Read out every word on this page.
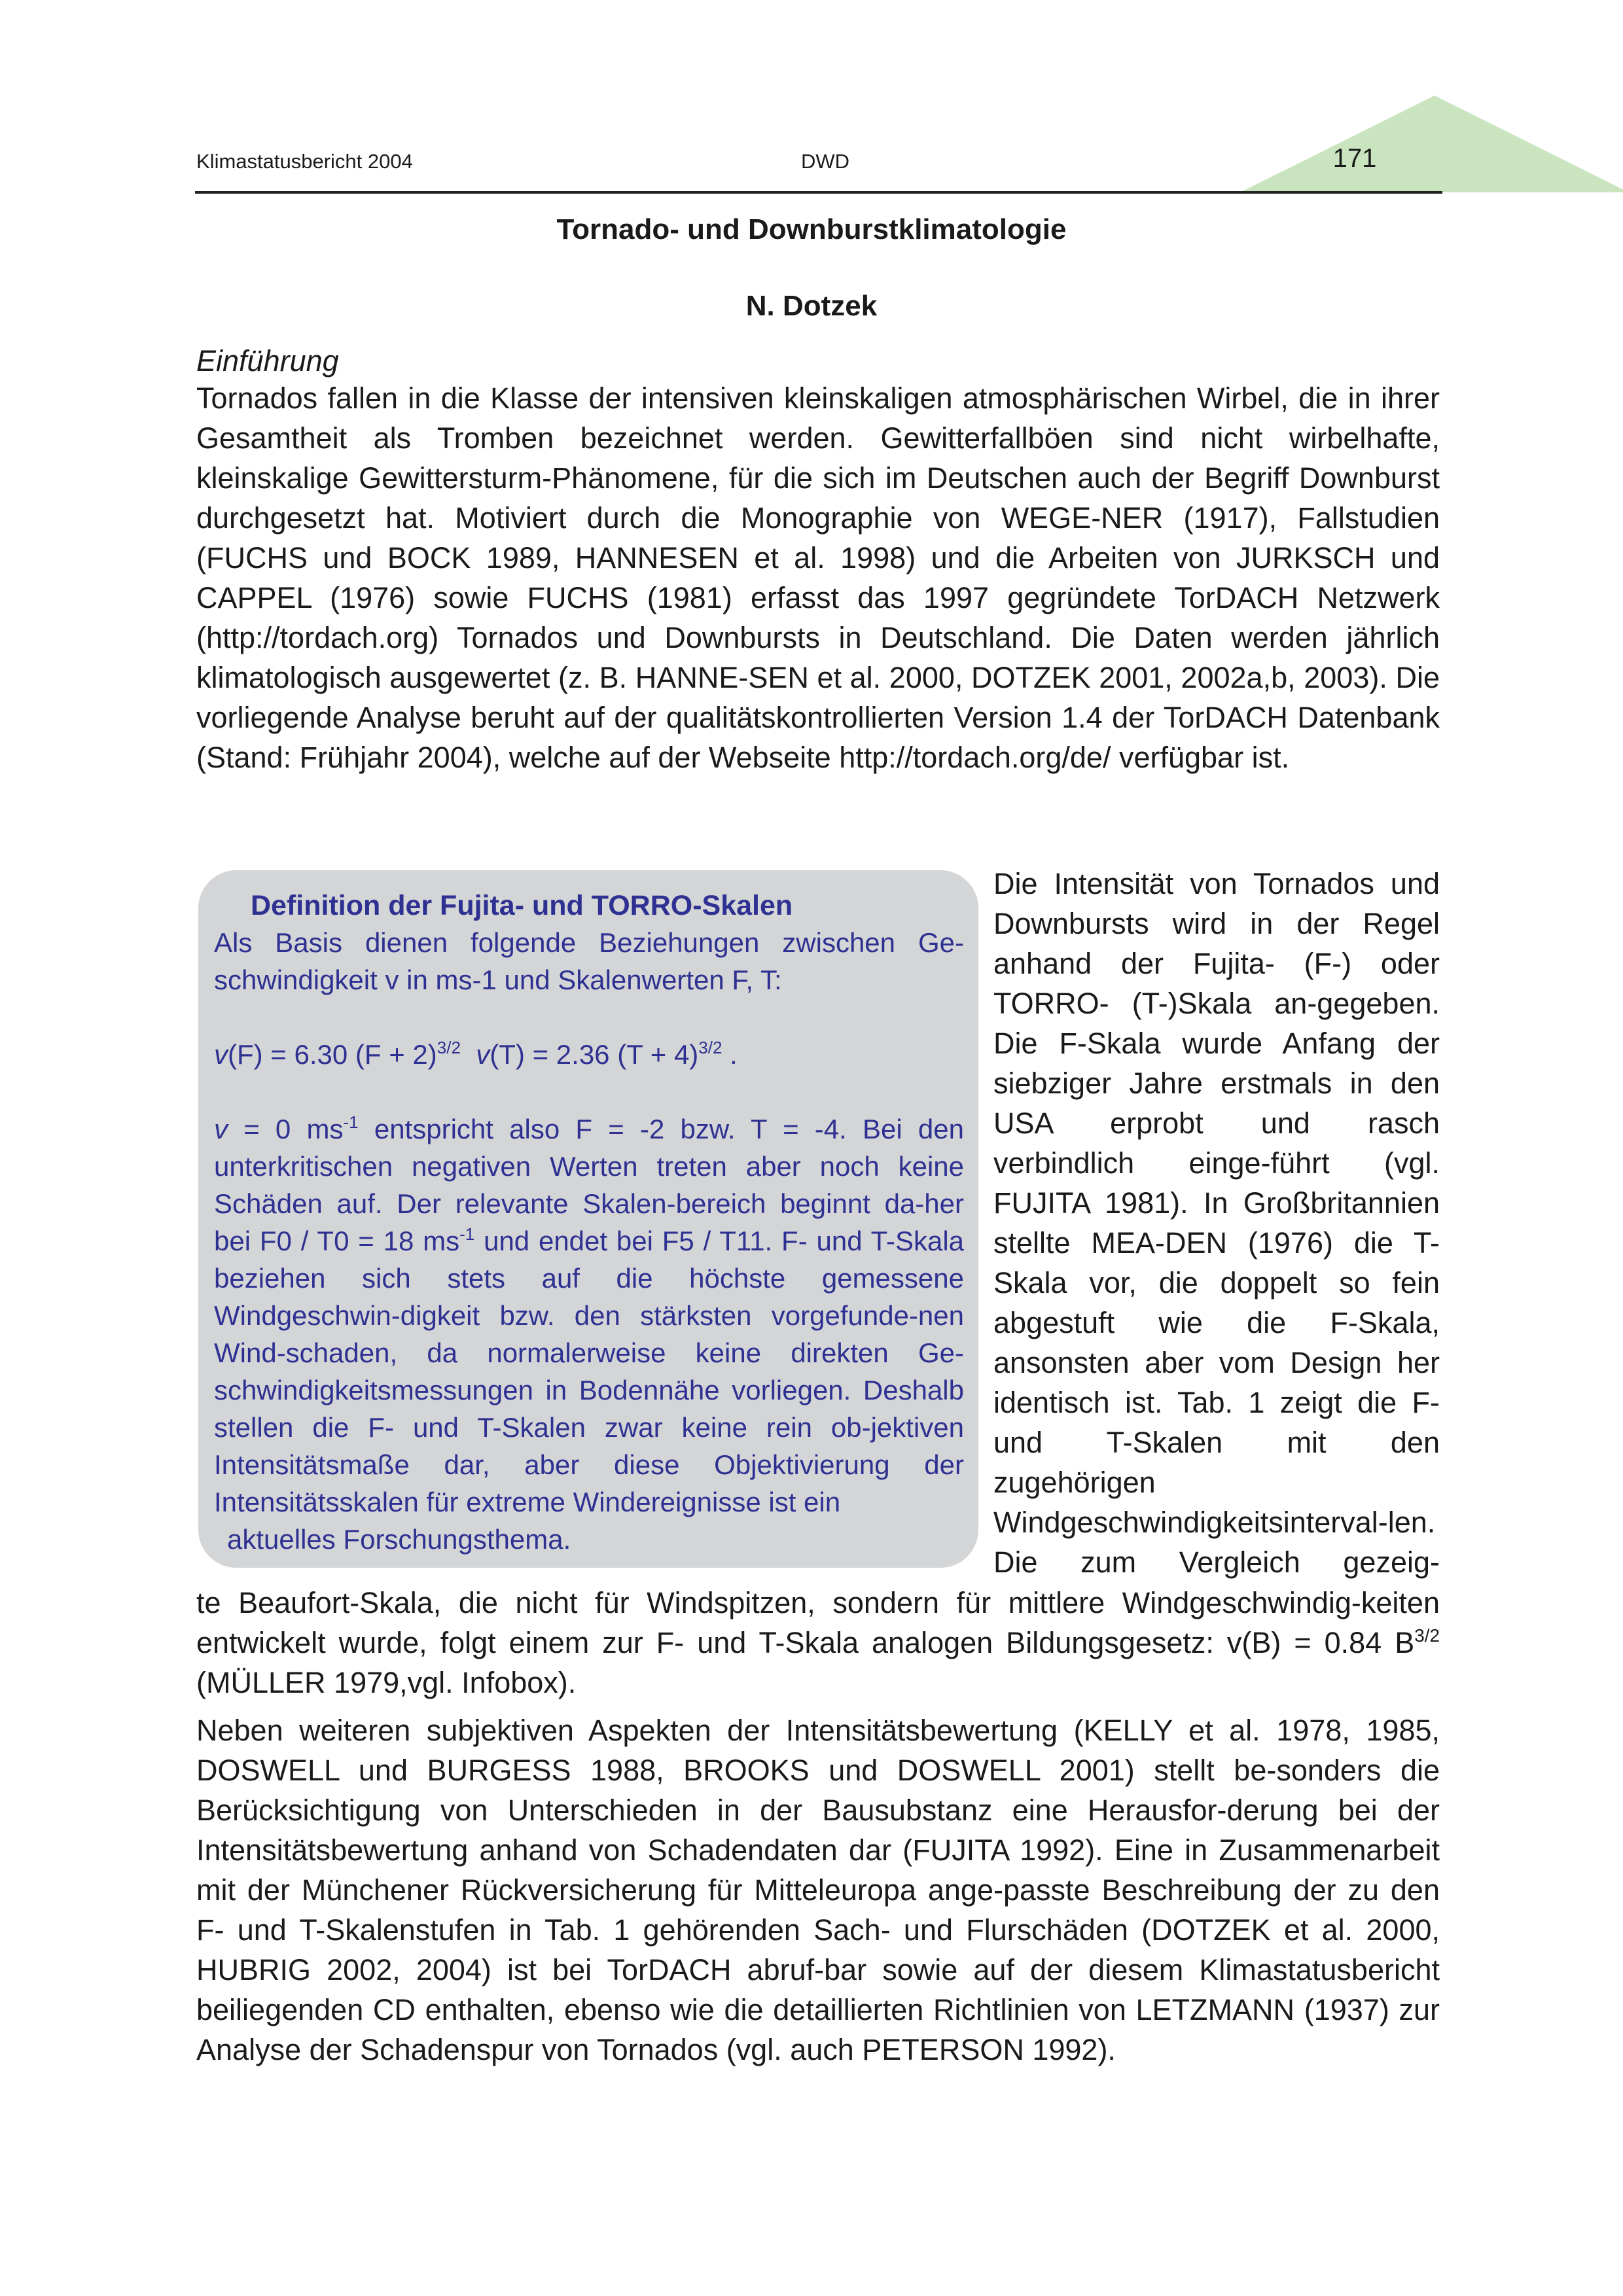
Klimastatusbericht 2004	DWD	171
Tornado- und Downburstklimatologie
N. Dotzek
Einführung

Tornados fallen in die Klasse der intensiven kleinskaligen atmosphärischen Wirbel, die in ihrer Gesamtheit als Tromben bezeichnet werden. Gewitterfallböen sind nicht wirbelhafte, kleinskalige Gewittersturm-Phänomene, für die sich im Deutschen auch der Begriff Downburst durchgesetzt hat. Motiviert durch die Monographie von WEGE-NER (1917), Fallstudien (FUCHS und BOCK 1989, HANNESEN et al. 1998) und die Arbeiten von JURKSCH und CAPPEL (1976) sowie FUCHS (1981) erfasst das 1997 gegründete TorDACH Netzwerk (http://tordach.org) Tornados und Downbursts in Deutschland. Die Daten werden jährlich klimatologisch ausgewertet (z. B. HANNE-SEN et al. 2000, DOTZEK 2001, 2002a,b, 2003). Die vorliegende Analyse beruht auf der qualitätskontrollierten Version 1.4 der TorDACH Datenbank (Stand: Frühjahr 2004), welche auf der Webseite http://tordach.org/de/ verfügbar ist.

Definition der Fujita- und TORRO-Skalen

Als Basis dienen folgende Beziehungen zwischen Ge-schwindigkeit v in ms-1 und Skalenwerten F, T:

v(F) = 6.30 $(F + 2)^{3/2}$ v(T) = 2.36 $(T + 4)^{3/2}$ .

v = 0 $ms^{-1}$ entspricht also F = -2 bzw. T = -4. Bei den unterkritischen negativen Werten treten aber noch keine Schäden auf. Der relevante Skalen-bereich beginnt da-her bei F0 / T0 = 18 $ms^{-1}$ und endet bei F5 / T11. F- und T-Skala beziehen sich stets auf die höchste gemessene Windgeschwin-digkeit bzw. den stärksten vorgefunde-nen Wind-schaden, da normalerweise keine direkten Ge-schwindigkeitsmessungen in Bodennähe vorliegen. Deshalb stellen die F- und T-Skalen zwar keine rein ob-jektiven Intensitätsmaße dar, aber diese Objektivierung der Intensitätsskalen für extreme Windereignisse ist ein

aktuelles Forschungsthema.

Die Intensität von Tornados und Downbursts wird in der Regel anhand der Fujita- (F-) oder TORRO- (T-)Skala an-gegeben. Die F-Skala wurde Anfang der siebziger Jahre erstmals in den USA erprobt und rasch verbindlich einge-führt (vgl. FUJITA 1981). In Großbritannien stellte MEA-DEN (1976) die T-Skala vor, die doppelt so fein abgestuft wie die F-Skala, ansonsten aber vom Design her identisch ist. Tab. 1 zeigt die F- und T-Skalen mit den zugehörigen Windgeschwindigkeitsinterval-len. Die zum Vergleich gezeig-

te Beaufort-Skala, die nicht für Windspitzen, sondern für mittlere Windgeschwindig-keiten entwickelt wurde, folgt einem zur F- und T-Skala analogen Bildungsgesetz: v(B) = 0.84 $B^{3/2}$ (MÜLLER 1979,vgl. Infobox).

Neben weiteren subjektiven Aspekten der Intensitätsbewertung (KELLY et al. 1978, 1985, DOSWELL und BURGESS 1988, BROOKS und DOSWELL 2001) stellt be-sonders die Berücksichtigung von Unterschieden in der Bausubstanz eine Herausfor-derung bei der Intensitätsbewertung anhand von Schadendaten dar (FUJITA 1992). Eine in Zusammenarbeit mit der Münchener Rückversicherung für Mitteleuropa ange-passte Beschreibung der zu den F- und T-Skalenstufen in Tab. 1 gehörenden Sach- und Flurschäden (DOTZEK et al. 2000, HUBRIG 2002, 2004) ist bei TorDACH abruf-bar sowie auf der diesem Klimastatusbericht beiliegenden CD enthalten, ebenso wie die detaillierten Richtlinien von LETZMANN (1937) zur Analyse der Schadenspur von Tornados (vgl. auch PETERSON 1992).
